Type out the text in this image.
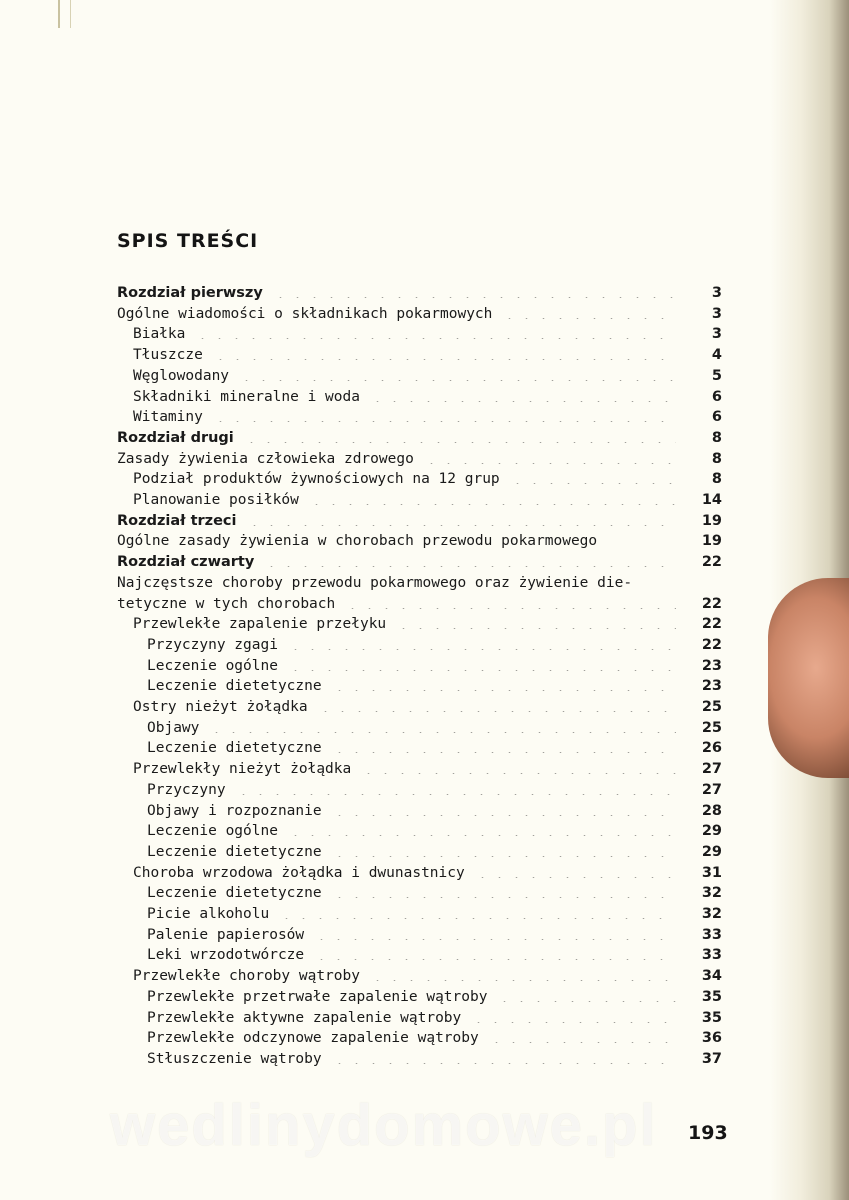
SPIS TREŚCI
Rozdział pierwszy	3
Ogólne wiadomości o składnikach pokarmowych	3
Białka	3
Tłuszcze	4
Węglowodany	5
Składniki mineralne i woda	6
Witaminy	6
Rozdział drugi	8
Zasady żywienia człowieka zdrowego	8
Podział produktów żywnościowych na 12 grup	8
Planowanie posiłków	14
Rozdział trzeci	19
Ogólne zasady żywienia w chorobach przewodu pokarmowego	19
Rozdział czwarty	22
Najczęstsze choroby przewodu pokarmowego oraz żywienie die-
tetyczne w tych chorobach	22
Przewlekłe zapalenie przełyku	22
Przyczyny zgagi	22
Leczenie ogólne	23
Leczenie dietetyczne	23
Ostry nieżyt żołądka	25
Objawy	25
Leczenie dietetyczne	26
Przewlekły nieżyt żołądka	27
Przyczyny	27
Objawy i rozpoznanie	28
Leczenie ogólne	29
Leczenie dietetyczne	29
Choroba wrzodowa żołądka i dwunastnicy	31
Leczenie dietetyczne	32
Picie alkoholu	32
Palenie papierosów	33
Leki wrzodotwórcze	33
Przewlekłe choroby wątroby	34
Przewlekłe przetrwałe zapalenie wątroby	35
Przewlekłe aktywne zapalenie wątroby	35
Przewlekłe odczynowe zapalenie wątroby	36
Stłuszczenie wątroby	37
wedlinydomowe.pl 193
